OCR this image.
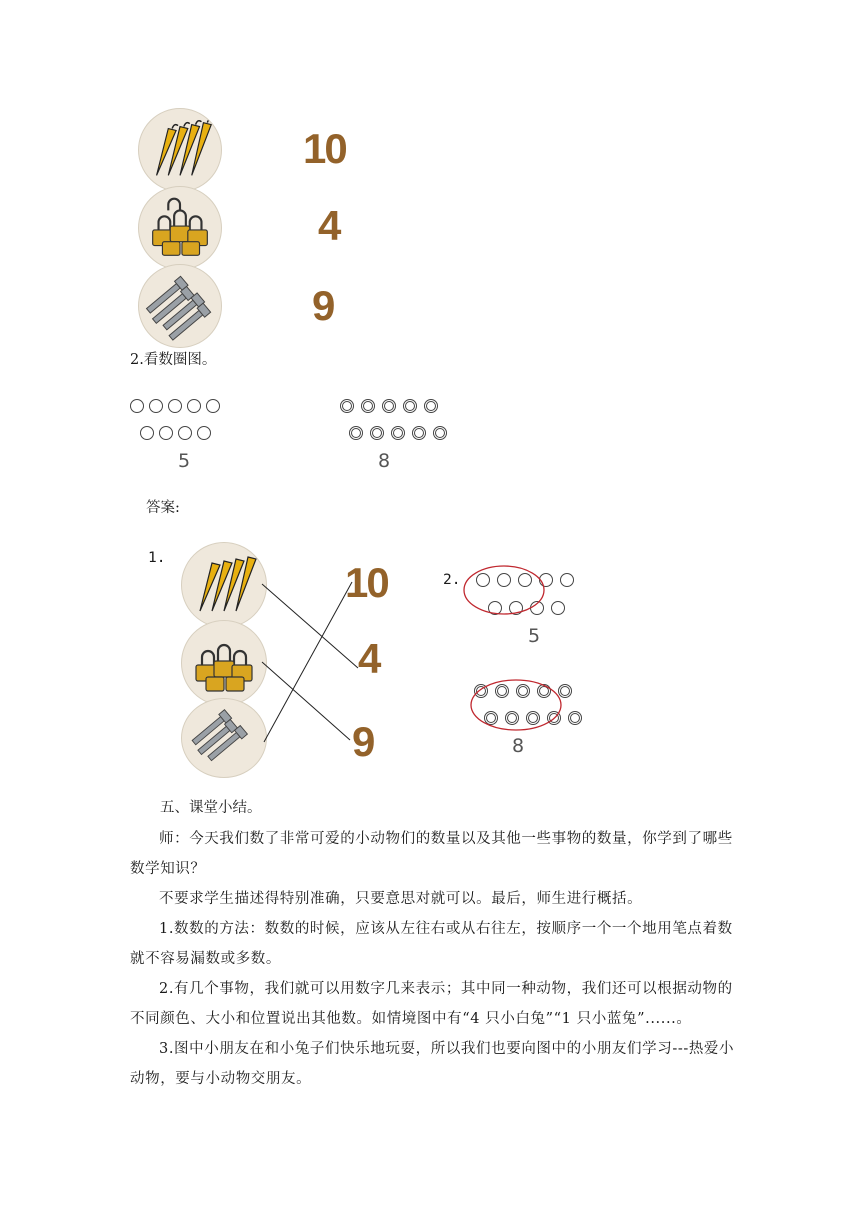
10
4
9
2.看数圈图。
5	8
答案:
1.
10
4
9
2.
5
8
五、课堂小结。
师：今天我们数了非常可爱的小动物们的数量以及其他一些事物的数量，你学到了哪些数学知识？
不要求学生描述得特别准确，只要意思对就可以。最后，师生进行概括。
1.数数的方法：数数的时候，应该从左往右或从右往左，按顺序一个一个地用笔点着数就不容易漏数或多数。
2.有几个事物，我们就可以用数字几来表示；其中同一种动物，我们还可以根据动物的不同颜色、大小和位置说出其他数。如情境图中有“4 只小白兔”“1 只小蓝兔”......。
3.图中小朋友在和小兔子们快乐地玩耍，所以我们也要向图中的小朋友们学习---热爱小动物，要与小动物交朋友。
